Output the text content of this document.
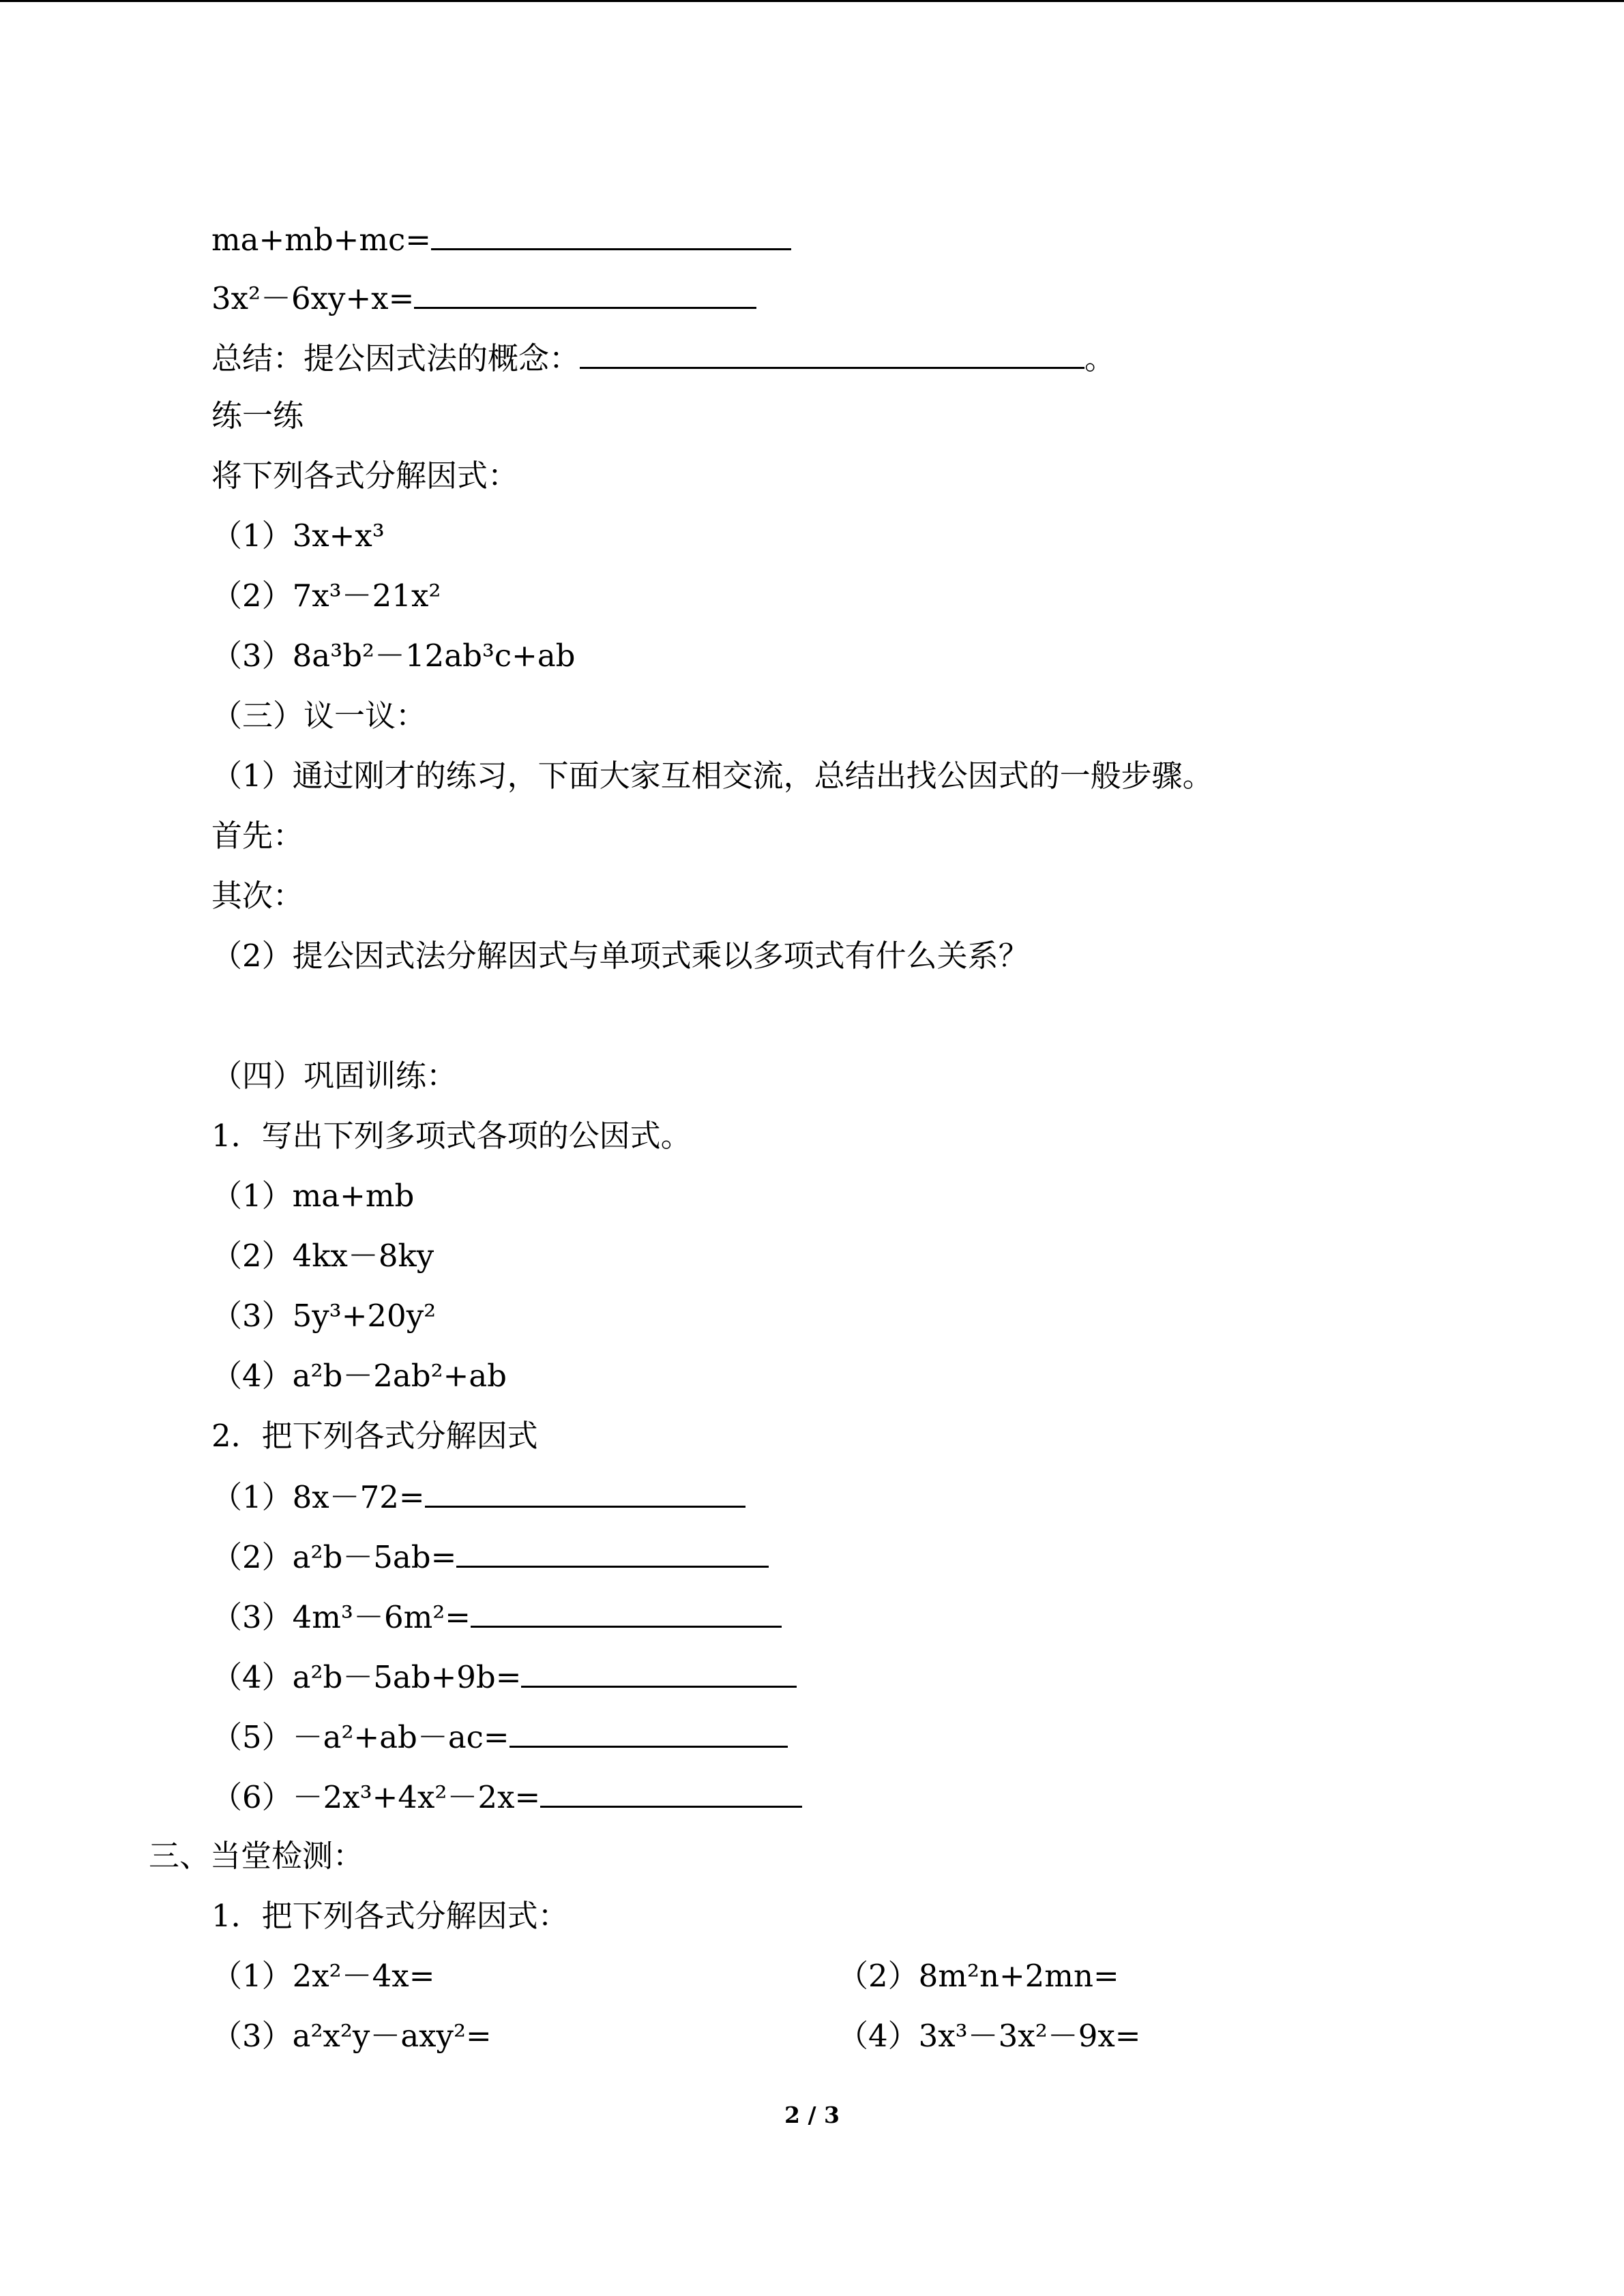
ma+mb+mc=
3x²－6xy+x=
总结：提公因式法的概念：	。
练一练
将下列各式分解因式：
（1）3x+x³
（2）7x³－21x²
（3）8a³b²－12ab³c+ab
（三）议一议：
（1）通过刚才的练习，下面大家互相交流，总结出找公因式的一般步骤。
首先：
其次：
（2）提公因式法分解因式与单项式乘以多项式有什么关系？
（四）巩固训练：
1．写出下列多项式各项的公因式。
（1）ma+mb
（2）4kx－8ky
（3）5y³+20y²
（4）a²b－2ab²+ab
2．把下列各式分解因式
（1）8x－72=
（2）a²b－5ab=
（3）4m³－6m²=
（4）a²b－5ab+9b=
（5）－a²+ab－ac=
（6）－2x³+4x²－2x=
三、当堂检测：
1．把下列各式分解因式：
（1）2x²－4x=	（2）8m²n+2mn=
（3）a²x²y－axy²=	（4）3x³－3x²－9x=
2 / 3
